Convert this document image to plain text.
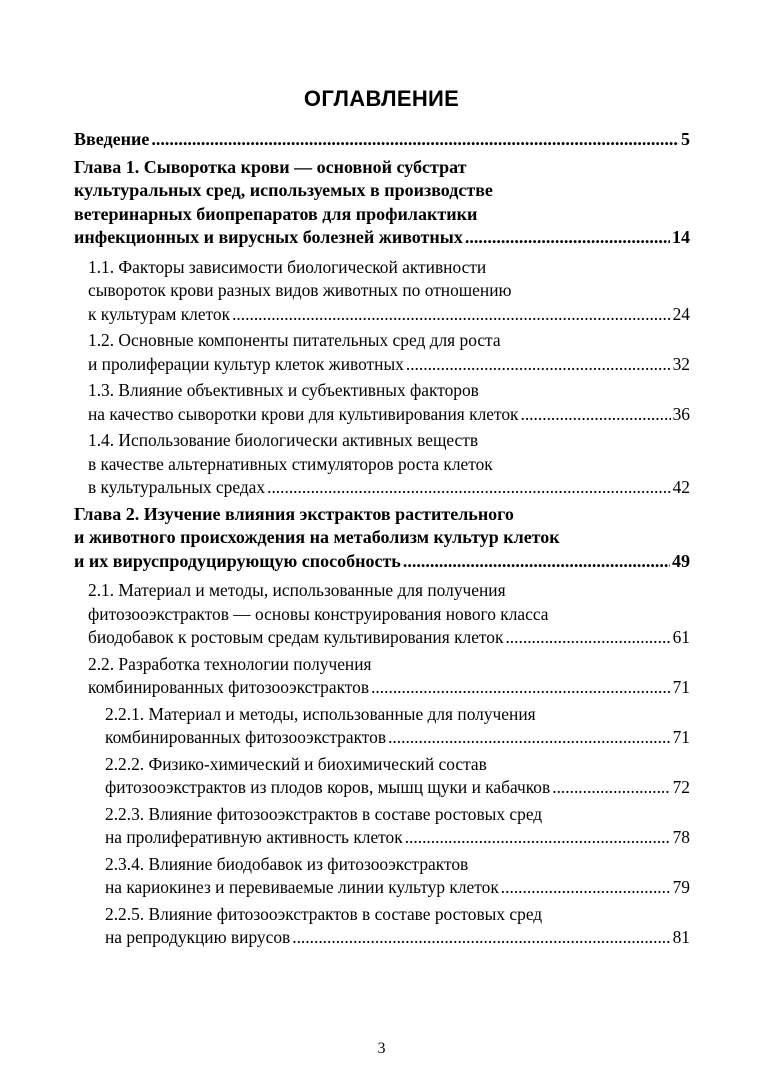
ОГЛАВЛЕНИЕ
Введение .....	5
Глава 1. Сыворотка крови — основной субстрат
культуральных сред, используемых в производстве
ветеринарных биопрепаратов для профилактики
инфекционных и вирусных болезней животных .....	14
1.1. Факторы зависимости биологической активности
сывороток крови разных видов животных по отношению
к культурам клеток .....	24
1.2. Основные компоненты питательных сред для роста
и пролиферации культур клеток животных .....	32
1.3. Влияние объективных и субъективных факторов
на качество сыворотки крови для культивирования клеток .....	36
1.4. Использование биологически активных веществ
в качестве альтернативных стимуляторов роста клеток
в культуральных средах .....	42
Глава 2. Изучение влияния экстрактов растительного
и животного происхождения на метаболизм культур клеток
и их вируспродуцирующую способность .....	49
2.1. Материал и методы, использованные для получения
фитозооэкстрактов — основы конструирования нового класса
биодобавок к ростовым средам культивирования клеток .....	61
2.2. Разработка технологии получения
комбинированных фитозооэкстрактов .....	71
2.2.1. Материал и методы, использованные для получения
комбинированных фитозооэкстрактов .....	71
2.2.2. Физико-химический и биохимический состав
фитозооэкстрактов из плодов коров, мышц щуки и кабачков .....	72
2.2.3. Влияние фитозооэкстрактов в составе ростовых сред
на пролиферативную активность клеток .....	78
2.3.4. Влияние биодобавок из фитозооэкстрактов
на кариокинез и перевиваемые линии культур клеток .....	79
2.2.5. Влияние фитозооэкстрактов в составе ростовых сред
на репродукцию вирусов .....	81
3
